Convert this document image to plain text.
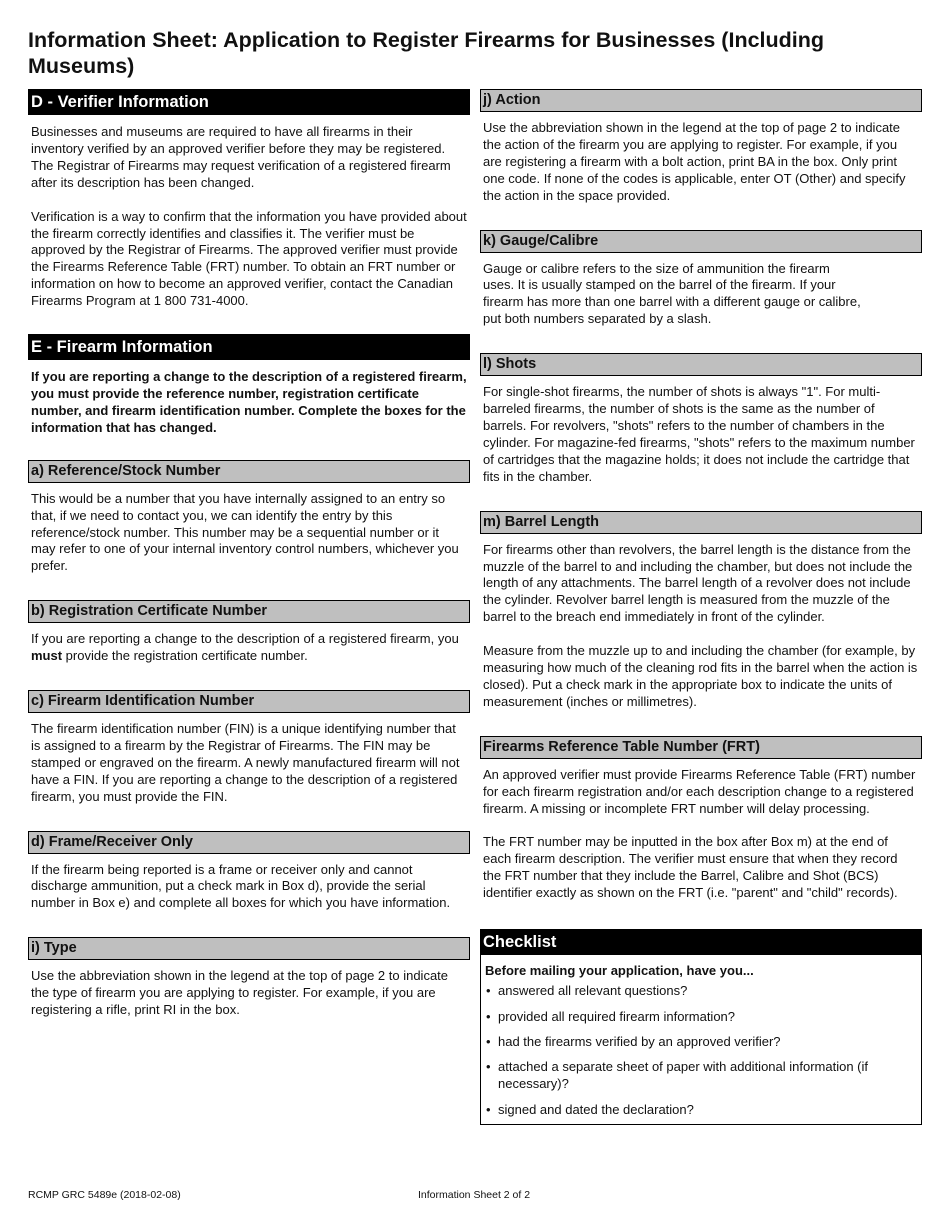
Information Sheet: Application to Register Firearms for Businesses (Including Museums)
D - Verifier Information

Businesses and museums are required to have all firearms in their inventory verified by an approved verifier before they may be registered. The Registrar of Firearms may request verification of a registered firearm after its description has been changed.

Verification is a way to confirm that the information you have provided about the firearm correctly identifies and classifies it. The verifier must be approved by the Registrar of Firearms. The approved verifier must provide the Firearms Reference Table (FRT) number. To obtain an FRT number or information on how to become an approved verifier, contact the Canadian Firearms Program at 1 800 731-4000.

E - Firearm Information

If you are reporting a change to the description of a registered firearm, you must provide the reference number, registration certificate number, and firearm identification number. Complete the boxes for the information that has changed.

a) Reference/Stock Number

This would be a number that you have internally assigned to an entry so that, if we need to contact you, we can identify the entry by this reference/stock number. This number may be a sequential number or it may refer to one of your internal inventory control numbers, whichever you prefer.

b) Registration Certificate Number

If you are reporting a change to the description of a registered firearm, you must provide the registration certificate number.

c) Firearm Identification Number

The firearm identification number (FIN) is a unique identifying number that is assigned to a firearm by the Registrar of Firearms. The FIN may be stamped or engraved on the firearm. A newly manufactured firearm will not have a FIN. If you are reporting a change to the description of a registered firearm, you must provide the FIN.

d) Frame/Receiver Only

If the firearm being reported is a frame or receiver only and cannot discharge ammunition, put a check mark in Box d), provide the serial number in Box e) and complete all boxes for which you have information.

i) Type

Use the abbreviation shown in the legend at the top of page 2 to indicate the type of firearm you are applying to register. For example, if you are registering a rifle, print RI in the box.

j) Action

Use the abbreviation shown in the legend at the top of page 2 to indicate the action of the firearm you are applying to register. For example, if you are registering a firearm with a bolt action, print BA in the box. Only print one code. If none of the codes is applicable, enter OT (Other) and specify the action in the space provided.

k) Gauge/Calibre

Gauge or calibre refers to the size of ammunition the firearm uses. It is usually stamped on the barrel of the firearm. If your firearm has more than one barrel with a different gauge or calibre, put both numbers separated by a slash.

l) Shots

For single-shot firearms, the number of shots is always "1". For multi-barreled firearms, the number of shots is the same as the number of barrels. For revolvers, "shots" refers to the number of chambers in the cylinder. For magazine-fed firearms, "shots" refers to the maximum number of cartridges that the magazine holds; it does not include the cartridge that fits in the chamber.

m) Barrel Length

For firearms other than revolvers, the barrel length is the distance from the muzzle of the barrel to and including the chamber, but does not include the length of any attachments. The barrel length of a revolver does not include the cylinder. Revolver barrel length is measured from the muzzle of the barrel to the breach end immediately in front of the cylinder.

Measure from the muzzle up to and including the chamber (for example, by measuring how much of the cleaning rod fits in the barrel when the action is closed). Put a check mark in the appropriate box to indicate the units of measurement (inches or millimetres).

Firearms Reference Table Number (FRT)

An approved verifier must provide Firearms Reference Table (FRT) number for each firearm registration and/or each description change to a registered firearm. A missing or incomplete FRT number will delay processing.

The FRT number may be inputted in the box after Box m) at the end of each firearm description. The verifier must ensure that when they record the FRT number that they include the Barrel, Calibre and Shot (BCS) identifier exactly as shown on the FRT (i.e. "parent" and "child" records).

Checklist

Before mailing your application, have you...

• answered all relevant questions?
• provided all required firearm information?
• had the firearms verified by an approved verifier?
• attached a separate sheet of paper with additional information (if necessary)?
• signed and dated the declaration?
RCMP GRC 5489e (2018-02-08)	Information Sheet 2 of 2
